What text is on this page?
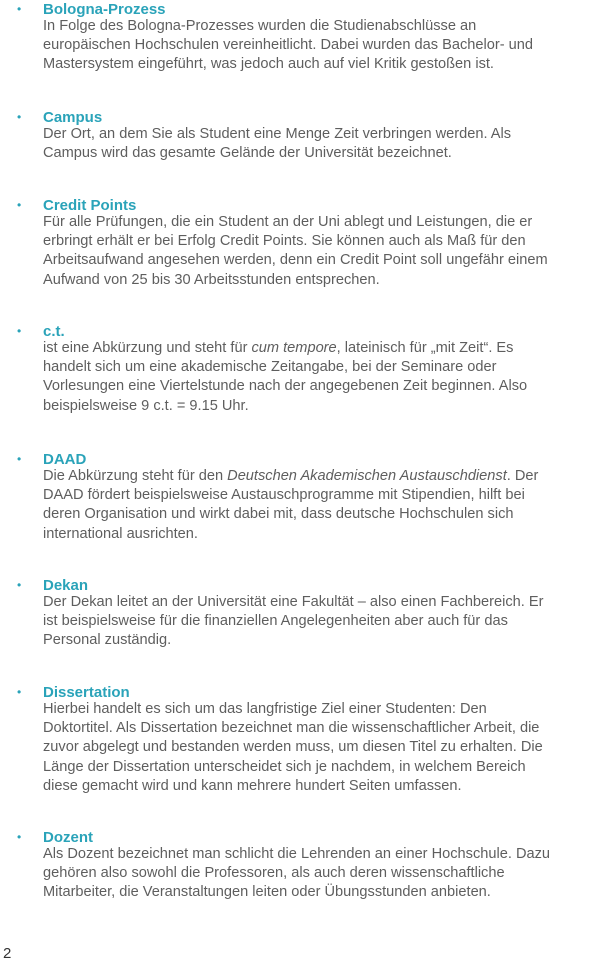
• Bologna-Prozess
In Folge des Bologna-Prozesses wurden die Studienabschlüsse an
europäischen Hochschulen vereinheitlicht. Dabei wurden das Bachelor- und
Mastersystem eingeführt, was jedoch auch auf viel Kritik gestoßen ist.
• Campus
Der Ort, an dem Sie als Student eine Menge Zeit verbringen werden. Als
Campus wird das gesamte Gelände der Universität bezeichnet.
• Credit Points
Für alle Prüfungen, die ein Student an der Uni ablegt und Leistungen, die er
erbringt erhält er bei Erfolg Credit Points. Sie können auch als Maß für den
Arbeitsaufwand angesehen werden, denn ein Credit Point soll ungefähr einem
Aufwand von 25 bis 30 Arbeitsstunden entsprechen.
• c.t.
ist eine Abkürzung und steht für cum tempore, lateinisch für „mit Zeit“. Es
handelt sich um eine akademische Zeitangabe, bei der Seminare oder
Vorlesungen eine Viertelstunde nach der angegebenen Zeit beginnen. Also
beispielsweise 9 c.t. = 9.15 Uhr.
• DAAD
Die Abkürzung steht für den Deutschen Akademischen Austauschdienst. Der
DAAD fördert beispielsweise Austauschprogramme mit Stipendien, hilft bei
deren Organisation und wirkt dabei mit, dass deutsche Hochschulen sich
international ausrichten.
• Dekan
Der Dekan leitet an der Universität eine Fakultät – also einen Fachbereich. Er
ist beispielsweise für die finanziellen Angelegenheiten aber auch für das
Personal zuständig.
• Dissertation
Hierbei handelt es sich um das langfristige Ziel einer Studenten: Den
Doktortitel. Als Dissertation bezeichnet man die wissenschaftlicher Arbeit, die
zuvor abgelegt und bestanden werden muss, um diesen Titel zu erhalten. Die
Länge der Dissertation unterscheidet sich je nachdem, in welchem Bereich
diese gemacht wird und kann mehrere hundert Seiten umfassen.
• Dozent
Als Dozent bezeichnet man schlicht die Lehrenden an einer Hochschule. Dazu
gehören also sowohl die Professoren, als auch deren wissenschaftliche
Mitarbeiter, die Veranstaltungen leiten oder Übungsstunden anbieten.
2
